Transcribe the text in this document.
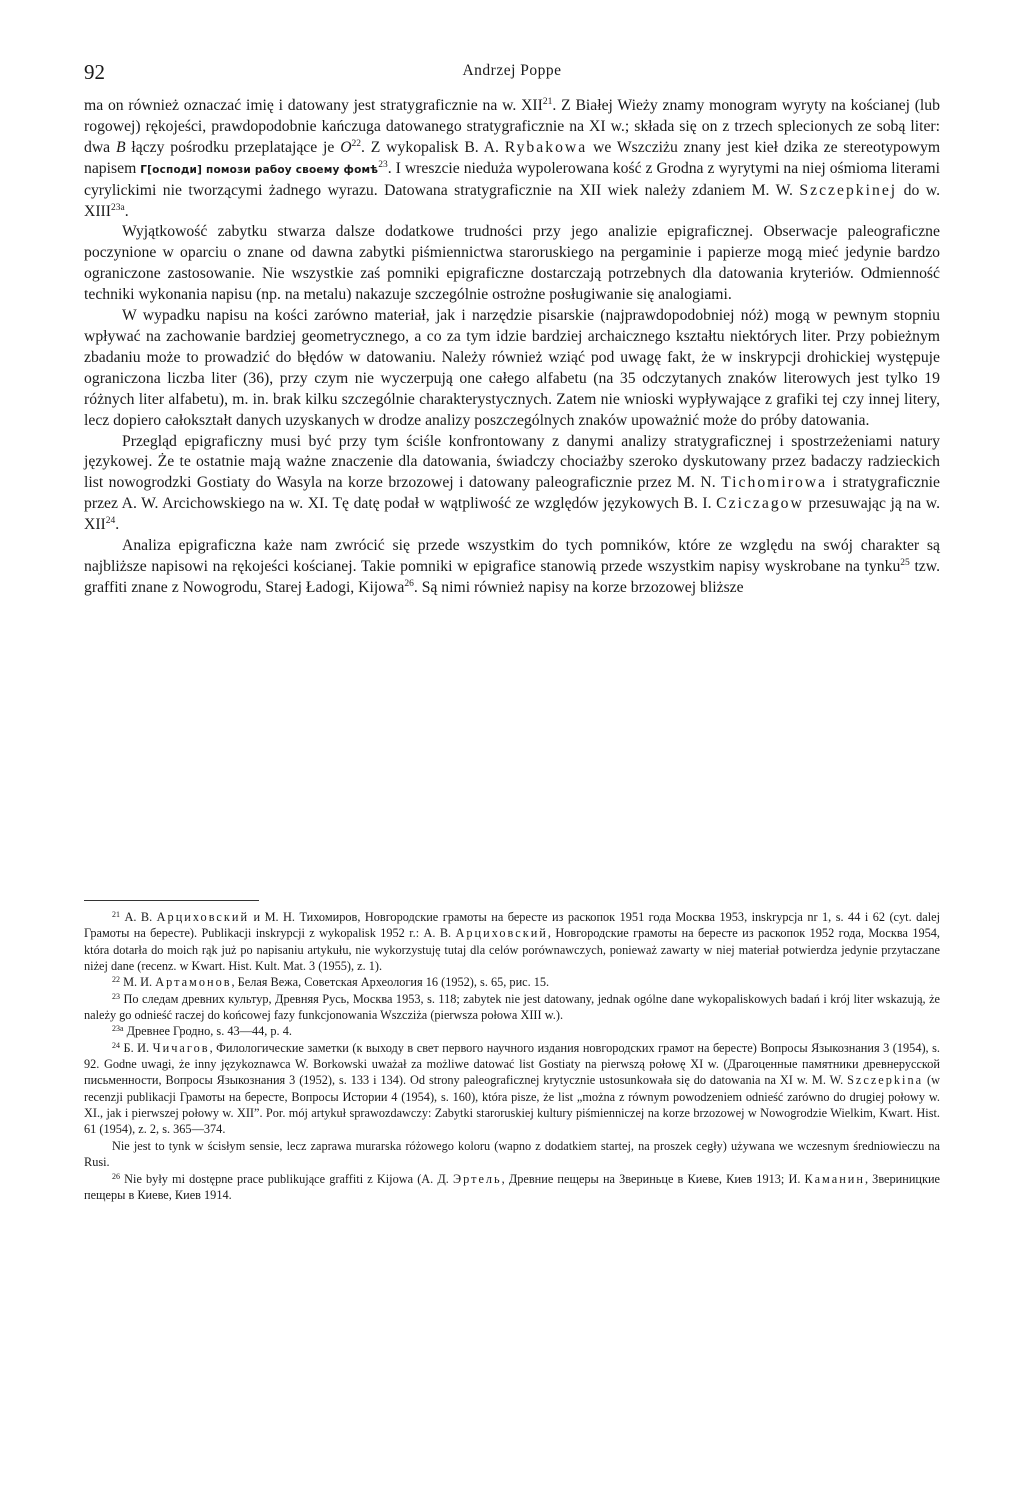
92	Andrzej Poppe

ma on również oznaczać imię i datowany jest stratygraficznie na w. XII$^{21}$. Z Białej Wieży znamy monogram wyryty na kościanej (lub rogowej) rękojeści, prawdopodobnie kańczuga datowanego stratygraficznie na XI w.; składa się on z trzech splecionych ze sobą liter: dwa B łączy pośrodku przeplatające je $O^{22}$. Z wykopalisk B. A. Rybakowa we Wszcziżu znany jest kieł dzika ze stereotypowym napisem Г[осподи] помози рабоу своему фомѣ$^{23}$. I wreszcie nieduża wypolerowana kość z Grodna z wyrytymi na niej ośmioma literami cyrylickimi nie tworzącymi żadnego wyrazu. Datowana stratygraficznie na XII wiek należy zdaniem M. W. Szczepkinej do w. $XIII^{23a}$.

Wyjątkowość zabytku stwarza dalsze dodatkowe trudności przy jego analizie epigraficznej. Obserwacje paleograficzne poczynione w oparciu o znane od dawna zabytki piśmiennictwa staroruskiego na pergaminie i papierze mogą mieć jedynie bardzo ograniczone zastosowanie. Nie wszystkie zaś pomniki epigraficzne dostarczają potrzebnych dla datowania kryteriów. Odmienność techniki wykonania napisu (np. na metalu) nakazuje szczególnie ostrożne posługiwanie się analogiami.

W wypadku napisu na kości zarówno materiał, jak i narzędzie pisarskie (najprawdopodobniej nóż) mogą w pewnym stopniu wpływać na zachowanie bardziej geometrycznego, a co za tym idzie bardziej archaicznego kształtu niektórych liter. Przy pobieżnym zbadaniu może to prowadzić do błędów w datowaniu. Należy również wziąć pod uwagę fakt, że w inskrypcji drohickiej występuje ograniczona liczba liter (36), przy czym nie wyczerpują one całego alfabetu (na 35 odczytanych znaków literowych jest tylko 19 różnych liter alfabetu), m. in. brak kilku szczególnie charakterystycznych. Zatem nie wnioski wypływające z grafiki tej czy innej litery, lecz dopiero całokształt danych uzyskanych w drodze analizy poszczególnych znaków upoważnić może do próby datowania.

Przegląd epigraficzny musi być przy tym ściśle konfrontowany z danymi analizy stratygraficznej i spostrzeżeniami natury językowej. Że te ostatnie mają ważne znaczenie dla datowania, świadczy chociażby szeroko dyskutowany przez badaczy radzieckich list nowogrodzki Gostiaty do Wasyla na korze brzozowej i datowany paleograficznie przez M. N. Tichomirowa i stratygraficznie przez A. W. Arcichowskiego na w. XI. Tę datę podał w wątpliwość ze względów językowych B. I. Cziczagow przesuwając ją na w. XII$^{24}$.

Analiza epigraficzna każe nam zwrócić się przede wszystkim do tych pomników, które ze względu na swój charakter są najbliższe napisowi na rękojeści kościanej. Takie pomniki w epigrafice stanowią przede wszystkim napisy wyskrobane na tynku$^{25}$ tzw. graffiti znane z Nowogrodu, Starej Ładogi, Kijowa$^{26}$. Są nimi również napisy na korze brzozowej bliższe

$^{21}$ А. В. Арциховский и М. Н. Тихомиров, Новгородские грамоты на бересте из раскопок 1951 года Москва 1953, inskrypcja nr 1, s. 44 i 62 (cyt. dalej Грамоты на бересте). Publikacji inskrypcji z wykopalisk 1952 r.: А. В. Арциховский, Новгородские грамоты на бересте из раскопок 1952 года, Москва 1954, która dotarła do moich rąk już po napisaniu artykułu, nie wykorzystuję tutaj dla celów porównawczych, ponieważ zawarty w niej materiał potwierdza jedynie przytaczane niżej dane (recenz. w Kwart. Hist. Kult. Mat. 3 (1955), z. 1).

$^{22}$ М. И. Артамонов, Белая Вежа, Советская Археология 16 (1952), s. 65, рис. 15.

$^{23}$ По следам древних культур, Древняя Русь, Москва 1953, s. 118; zabytek nie jest datowany, jednak ogólne dane wykopaliskowych badań i krój liter wskazują, że należy go odnieść raczej do końcowej fazy funkcjonowania Wszcziża (pierwsza połowa XIII w.).

$^{23a}$ Древнее Гродно, s. 43—44, p. 4.

$^{24}$ Б. И. Чичагов, Филологические заметки (к выходу в свет первого научного издания новгородских грамот на бересте) Вопросы Языкознания 3 (1954), s. 92. Godne uwagi, że inny językoznawca W. Borkowski uważał za możliwe datować list Gostiaty na pierwszą połowę XI w. (Драгоценные памятники древнерусской письменности, Вопросы Языкознания 3 (1952), s. 133 i 134). Od strony paleograficznej krytycznie ustosunkowała się do datowania na XI w. M. W. Szczepkina (w recenzji publikacji Грамоты на бересте, Вопросы Истории 4 (1954), s. 160), która pisze, że list „można z równym powodzeniem odnieść zarówno do drugiej połowy w. XI., jak i pierwszej połowy w. XII”. Por. mój artykuł sprawozdawczy: Zabytki staroruskiej kultury piśmienniczej na korze brzozowej w Nowogrodzie Wielkim, Kwart. Hist. 61 (1954), z. 2, s. 365—374.

Nie jest to tynk w ścisłym sensie, lecz zaprawa murarska różowego koloru (wapno z dodatkiem startej, na proszek cegły) używana we wczesnym średniowieczu na Rusi.

$^{26}$ Nie były mi dostępne prace publikujące graffiti z Kijowa (А. Д. Эртель, Древние пещеры на Звериньце в Киеве, Киев 1913; И. Каманин, Звериницкие пещеры в Киеве, Киев 1914.
